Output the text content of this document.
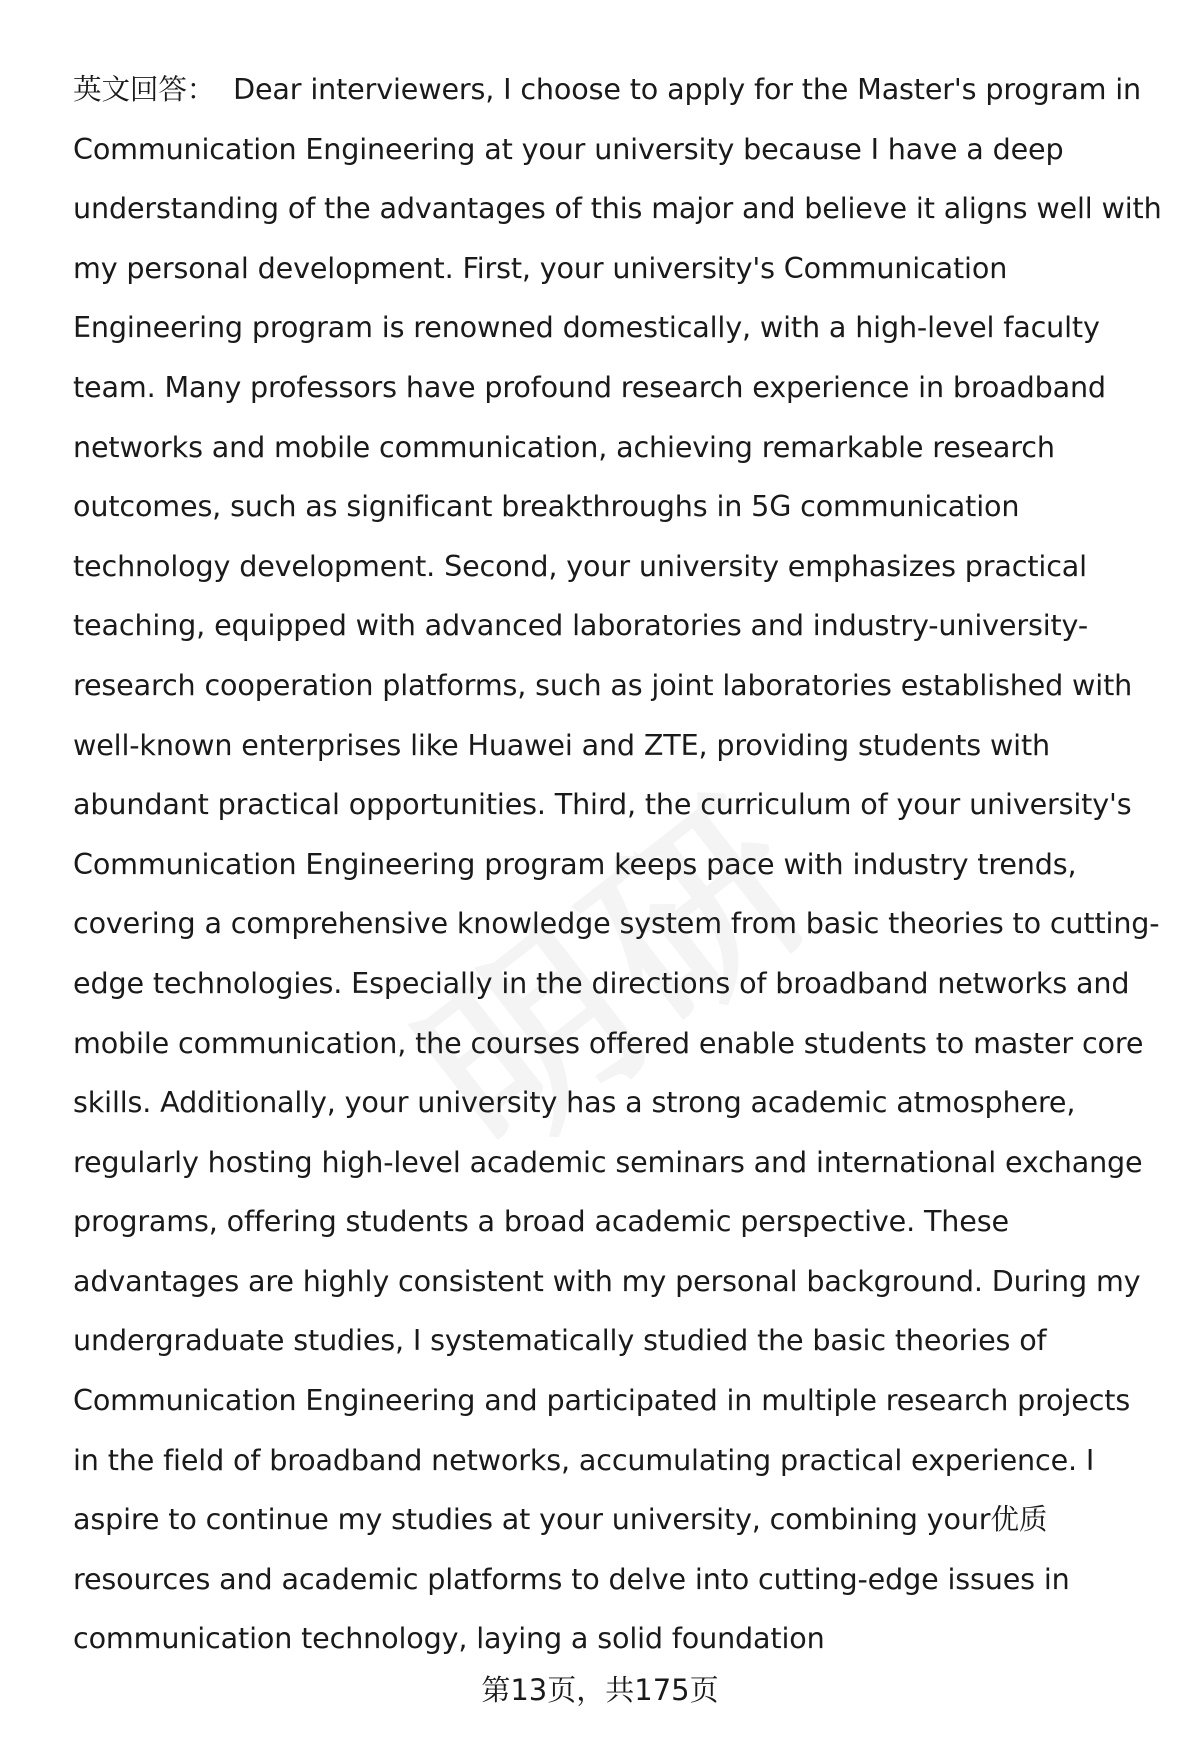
英文回答： Dear interviewers, I choose to apply for the Master's program in Communication Engineering at your university because I have a deep understanding of the advantages of this major and believe it aligns well with my personal development. First, your university's Communication Engineering program is renowned domestically, with a high-level faculty team. Many professors have profound research experience in broadband networks and mobile communication, achieving remarkable research outcomes, such as significant breakthroughs in 5G communication technology development. Second, your university emphasizes practical teaching, equipped with advanced laboratories and industry-university-research cooperation platforms, such as joint laboratories established with well-known enterprises like Huawei and ZTE, providing students with abundant practical opportunities. Third, the curriculum of your university's Communication Engineering program keeps pace with industry trends, covering a comprehensive knowledge system from basic theories to cutting-edge technologies. Especially in the directions of broadband networks and mobile communication, the courses offered enable students to master core skills. Additionally, your university has a strong academic atmosphere, regularly hosting high-level academic seminars and international exchange programs, offering students a broad academic perspective. These advantages are highly consistent with my personal background. During my undergraduate studies, I systematically studied the basic theories of Communication Engineering and participated in multiple research projects in the field of broadband networks, accumulating practical experience. I aspire to continue my studies at your university, combining your优质 resources and academic platforms to delve into cutting-edge issues in communication technology, laying a solid foundation

第13页，共175页
